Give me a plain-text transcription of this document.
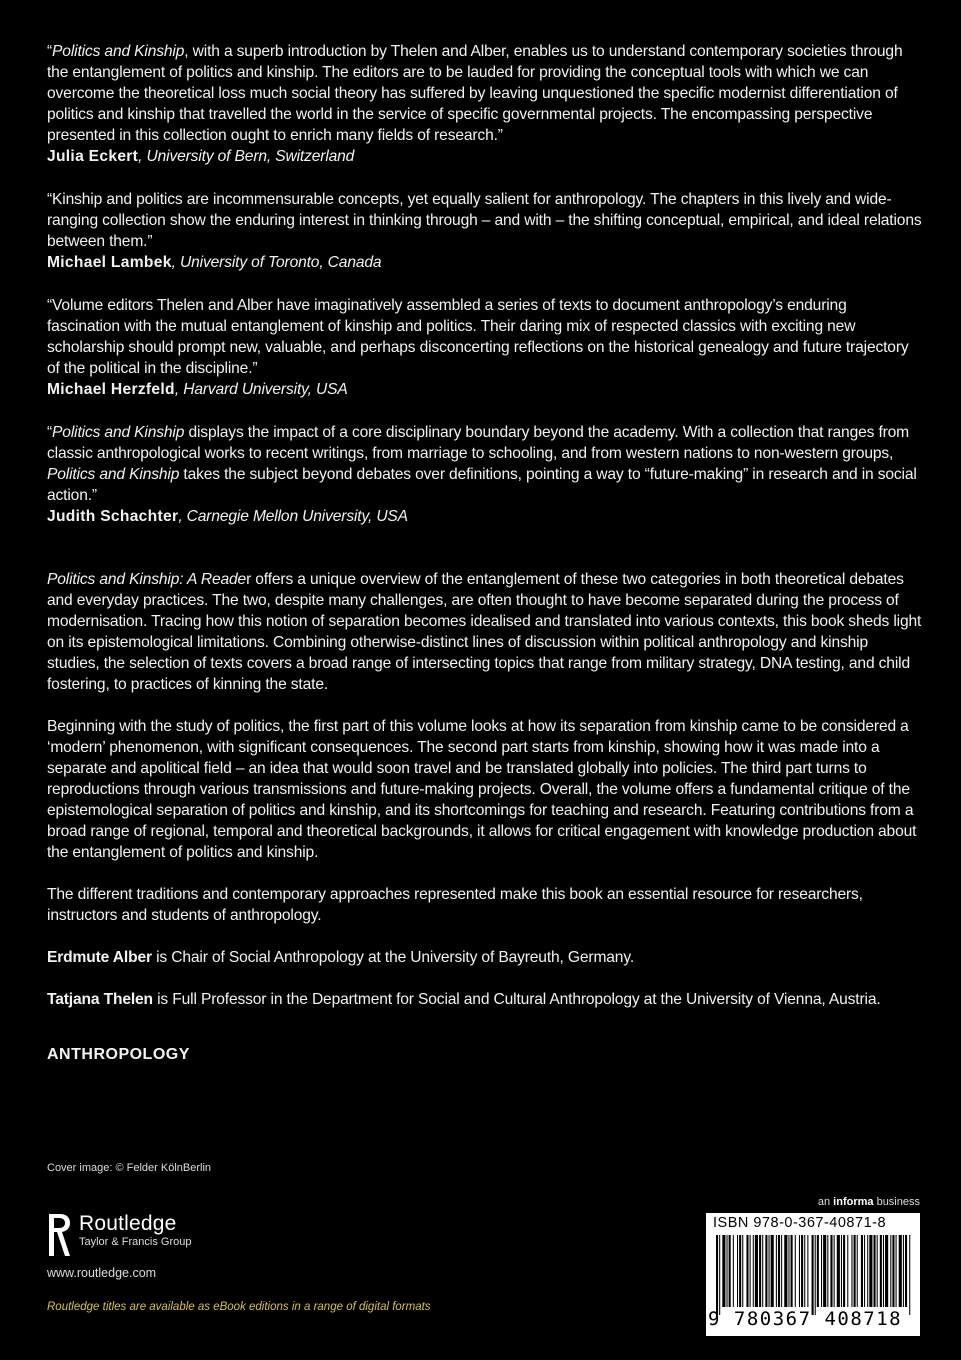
“Politics and Kinship, with a superb introduction by Thelen and Alber, enables us to understand contemporary societies through the entanglement of politics and kinship. The editors are to be lauded for providing the conceptual tools with which we can overcome the theoretical loss much social theory has suffered by leaving unquestioned the specific modernist differentiation of politics and kinship that travelled the world in the service of specific governmental projects. The encompassing perspective presented in this collection ought to enrich many fields of research.”

Julia Eckert, University of Bern, Switzerland

“Kinship and politics are incommensurable concepts, yet equally salient for anthropology. The chapters in this lively and wide-ranging collection show the enduring interest in thinking through – and with – the shifting conceptual, empirical, and ideal relations between them.”

Michael Lambek, University of Toronto, Canada

“Volume editors Thelen and Alber have imaginatively assembled a series of texts to document anthropology’s enduring fascination with the mutual entanglement of kinship and politics. Their daring mix of respected classics with exciting new scholarship should prompt new, valuable, and perhaps disconcerting reflections on the historical genealogy and future trajectory of the political in the discipline.”

Michael Herzfeld, Harvard University, USA

“Politics and Kinship displays the impact of a core disciplinary boundary beyond the academy. With a collection that ranges from classic anthropological works to recent writings, from marriage to schooling, and from western nations to non-western groups, Politics and Kinship takes the subject beyond debates over definitions, pointing a way to “future-making” in research and in social action.”

Judith Schachter, Carnegie Mellon University, USA

Politics and Kinship: A Reader offers a unique overview of the entanglement of these two categories in both theoretical debates and everyday practices. The two, despite many challenges, are often thought to have become separated during the process of modernisation. Tracing how this notion of separation becomes idealised and translated into various contexts, this book sheds light on its epistemological limitations. Combining otherwise-distinct lines of discussion within political anthropology and kinship studies, the selection of texts covers a broad range of intersecting topics that range from military strategy, DNA testing, and child fostering, to practices of kinning the state.

Beginning with the study of politics, the first part of this volume looks at how its separation from kinship came to be considered a ‘modern’ phenomenon, with significant consequences. The second part starts from kinship, showing how it was made into a separate and apolitical field – an idea that would soon travel and be translated globally into policies. The third part turns to reproductions through various transmissions and future-making projects. Overall, the volume offers a fundamental critique of the epistemological separation of politics and kinship, and its shortcomings for teaching and research. Featuring contributions from a broad range of regional, temporal and theoretical backgrounds, it allows for critical engagement with knowledge production about the entanglement of politics and kinship.

The different traditions and contemporary approaches represented make this book an essential resource for researchers, instructors and students of anthropology.

Erdmute Alber is Chair of Social Anthropology at the University of Bayreuth, Germany.

Tatjana Thelen is Full Professor in the Department for Social and Cultural Anthropology at the University of Vienna, Austria.

ANTHROPOLOGY
Cover image: © Felder KölnBerlin
Routledge
Taylor & Francis Group
www.routledge.com
Routledge titles are available as eBook editions in a range of digital formats
an informa business
ISBN 978-0-367-40871-8
9 780367 408718
